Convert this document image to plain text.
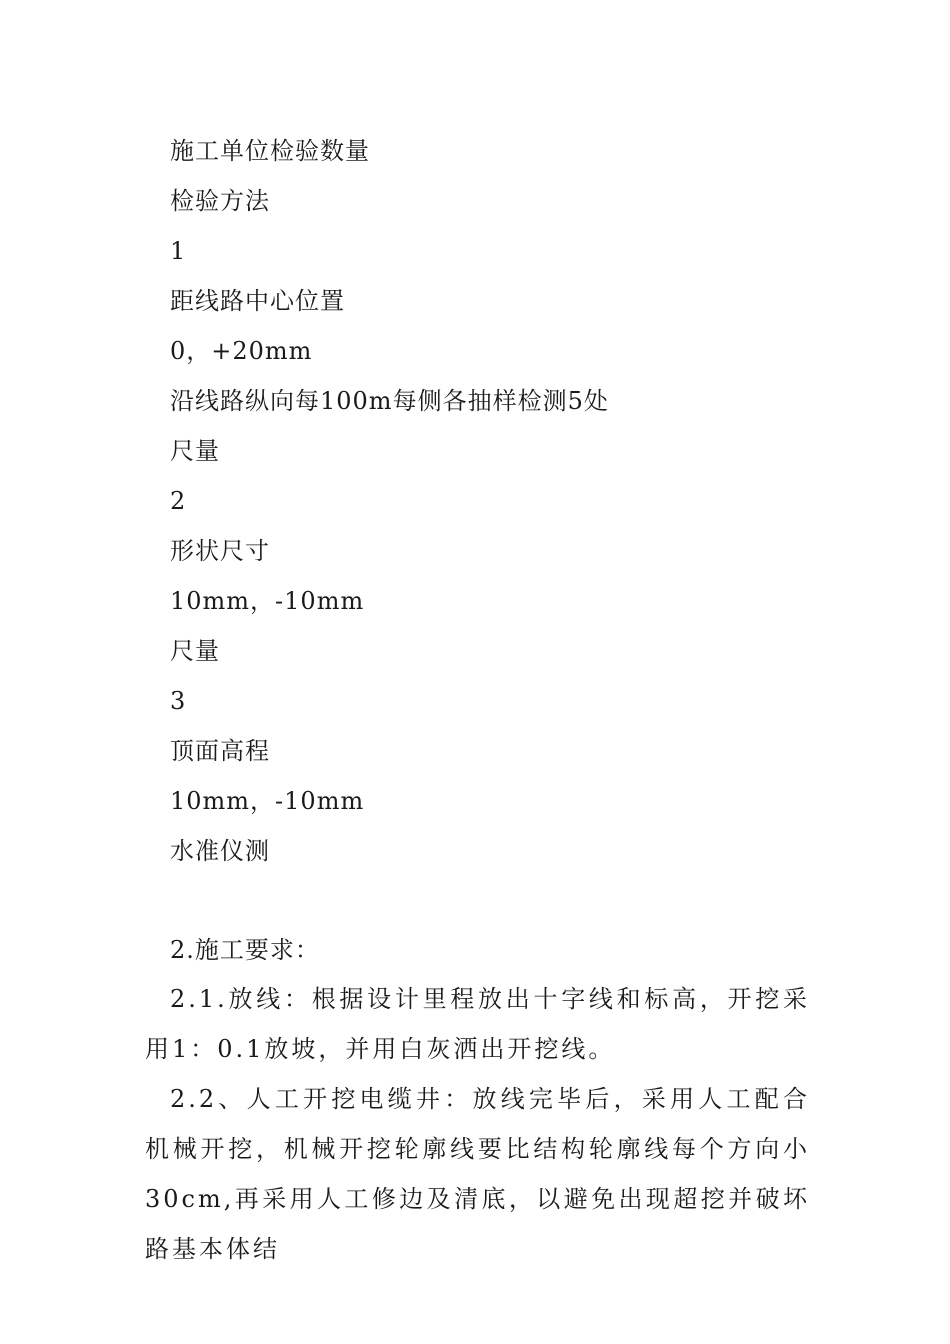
施工单位检验数量
检验方法
1
距线路中心位置
0，+20mm
沿线路纵向每100m每侧各抽样检测5处
尺量
2
形状尺寸
10mm，-10mm
尺量
3
顶面高程
10mm，-10mm
水准仪测
2.施工要求：
2.1.放线：根据设计里程放出十字线和标高，开挖采用1：0.1放坡，并用白灰洒出开挖线。
2.2、人工开挖电缆井：放线完毕后，采用人工配合机械开挖，机械开挖轮廓线要比结构轮廓线每个方向小30cm,再采用人工修边及清底，以避免出现超挖并破坏路基本体结
